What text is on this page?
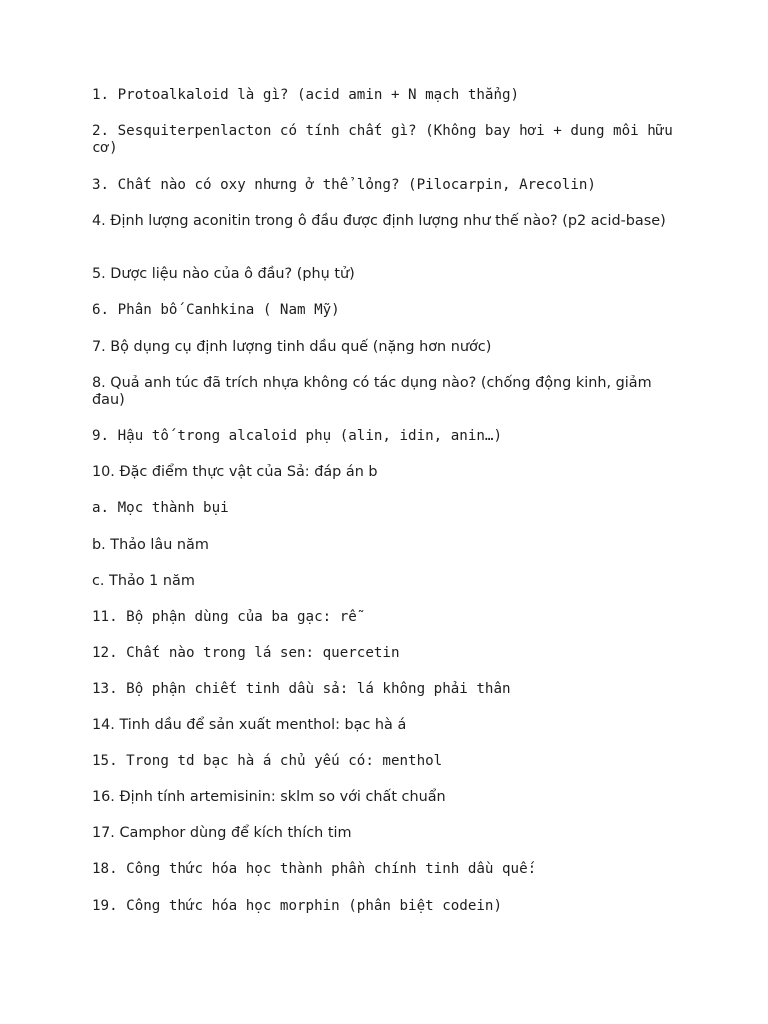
1. Protoalkaloid là gì? (acid amin + N mạch thẳng)
2. Sesquiterpenlacton có tính chất gì? (Không bay hơi + dung môi hữu cơ)
3. Chất nào có oxy nhưng ở thể lỏng? (Pilocarpin, Arecolin)
4. Định lượng aconitin trong ô đầu được định lượng như thế nào? (p2 acid-base)
5. Dược liệu nào của ô đầu? (phụ tử)
6. Phân bố Canhkina ( Nam Mỹ)
7. Bộ dụng cụ định lượng tinh dầu quế (nặng hơn nước)
8. Quả anh túc đã trích nhựa không có tác dụng nào? (chống động kinh, giảm đau)
9. Hậu tố trong alcaloid phụ (alin, idin, anin…)
10. Đặc điểm thực vật của Sả: đáp án b
a. Mọc thành bụi
b. Thảo lâu năm
c. Thảo 1 năm
11. Bộ phận dùng của ba gạc: rễ
12. Chất nào trong lá sen: quercetin
13. Bộ phận chiết tinh dầu sả: lá không phải thân
14. Tinh dầu để sản xuất menthol: bạc hà á
15. Trong td bạc hà á chủ yếu có: menthol
16. Định tính artemisinin: sklm so với chất chuẩn
17. Camphor dùng để kích thích tim
18. Công thức hóa học thành phần chính tinh dầu quế:
19. Công thức hóa học morphin (phân biệt codein)
